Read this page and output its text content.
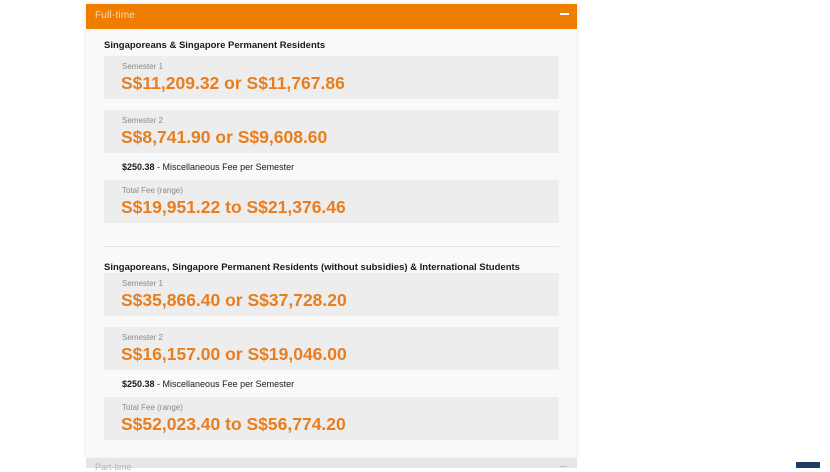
Full-time
Singaporeans & Singapore Permanent Residents
Semester 1
S$11,209.32 or S$11,767.86
Semester 2
S$8,741.90 or S$9,608.60
$250.38 - Miscellaneous Fee per Semester
Total Fee (range)
S$19,951.22 to S$21,376.46
Singaporeans, Singapore Permanent Residents (without subsidies) & International Students
Semester 1
S$35,866.40 or S$37,728.20
Semester 2
S$16,157.00 or S$19,046.00
$250.38 - Miscellaneous Fee per Semester
Total Fee (range)
S$52,023.40 to S$56,774.20
Part-time
